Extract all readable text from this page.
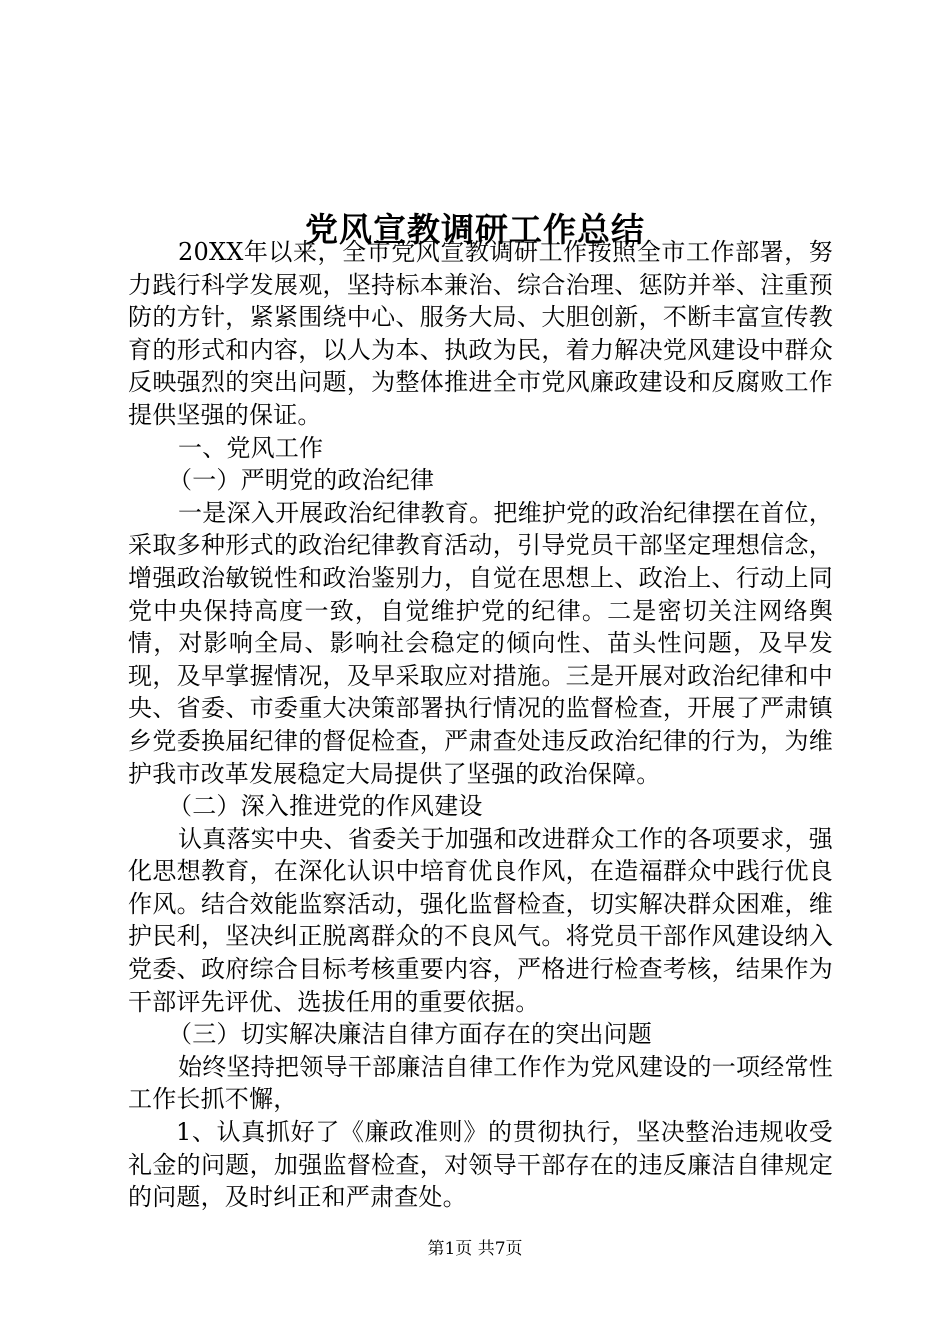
党风宣教调研工作总结

20XX年以来，全市党风宣教调研工作按照全市工作部署，努力践行科学发展观，坚持标本兼治、综合治理、惩防并举、注重预防的方针，紧紧围绕中心、服务大局、大胆创新，不断丰富宣传教育的形式和内容，以人为本、执政为民，着力解决党风建设中群众反映强烈的突出问题，为整体推进全市党风廉政建设和反腐败工作提供坚强的保证。

一、党风工作

（一）严明党的政治纪律

一是深入开展政治纪律教育。把维护党的政治纪律摆在首位，采取多种形式的政治纪律教育活动，引导党员干部坚定理想信念，增强政治敏锐性和政治鉴别力，自觉在思想上、政治上、行动上同党中央保持高度一致，自觉维护党的纪律。二是密切关注网络舆情，对影响全局、影响社会稳定的倾向性、苗头性问题，及早发现，及早掌握情况，及早采取应对措施。三是开展对政治纪律和中央、省委、市委重大决策部署执行情况的监督检查，开展了严肃镇乡党委换届纪律的督促检查，严肃查处违反政治纪律的行为，为维护我市改革发展稳定大局提供了坚强的政治保障。

（二）深入推进党的作风建设

认真落实中央、省委关于加强和改进群众工作的各项要求，强化思想教育，在深化认识中培育优良作风，在造福群众中践行优良作风。结合效能监察活动，强化监督检查，切实解决群众困难，维护民利，坚决纠正脱离群众的不良风气。将党员干部作风建设纳入党委、政府综合目标考核重要内容，严格进行检查考核，结果作为干部评先评优、选拔任用的重要依据。

（三）切实解决廉洁自律方面存在的突出问题

始终坚持把领导干部廉洁自律工作作为党风建设的一项经常性工作长抓不懈，

1、认真抓好了《廉政准则》的贯彻执行，坚决整治违规收受礼金的问题，加强监督检查，对领导干部存在的违反廉洁自律规定的问题，及时纠正和严肃查处。

第1页 共7页
